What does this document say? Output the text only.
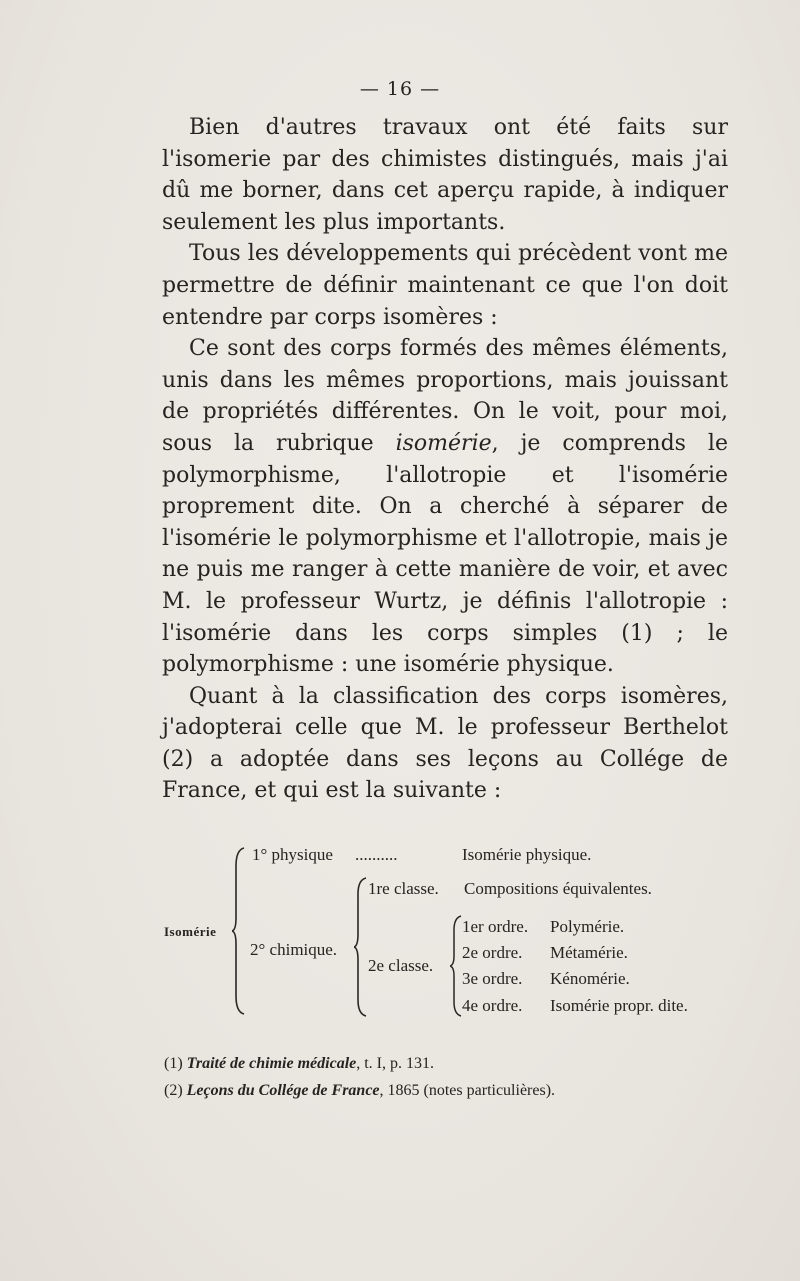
— 16 —

Bien d'autres travaux ont été faits sur l'isomerie par des chimistes distingués, mais j'ai dû me borner, dans cet aperçu rapide, à indiquer seulement les plus importants.

Tous les développements qui précèdent vont me permettre de définir maintenant ce que l'on doit entendre par corps isomères :

Ce sont des corps formés des mêmes éléments, unis dans les mêmes proportions, mais jouissant de propriétés différentes. On le voit, pour moi, sous la rubrique isomérie, je comprends le polymorphisme, l'allotropie et l'isomérie proprement dite. On a cherché à séparer de l'isomérie le polymorphisme et l'allotropie, mais je ne puis me ranger à cette manière de voir, et avec M. le professeur Wurtz, je définis l'allotropie : l'isomérie dans les corps simples (1) ; le polymorphisme : une isomérie physique.

Quant à la classification des corps isomères, j'adopterai celle que M. le professeur Berthelot (2) a adoptée dans ses leçons au Collége de France, et qui est la suivante :

Isomérie
1° physique ..........	Isomérie physique.
2° chimique.
1re classe. Compositions équivalentes.
2e classe.
1er ordre. Polymérie.
2e ordre. Métamérie.
3e ordre. Kénomérie.
4e ordre. Isomérie propr. dite.
(1) Traité de chimie médicale, t. I, p. 131.
(2) Leçons du Collége de France, 1865 (notes particulières).
